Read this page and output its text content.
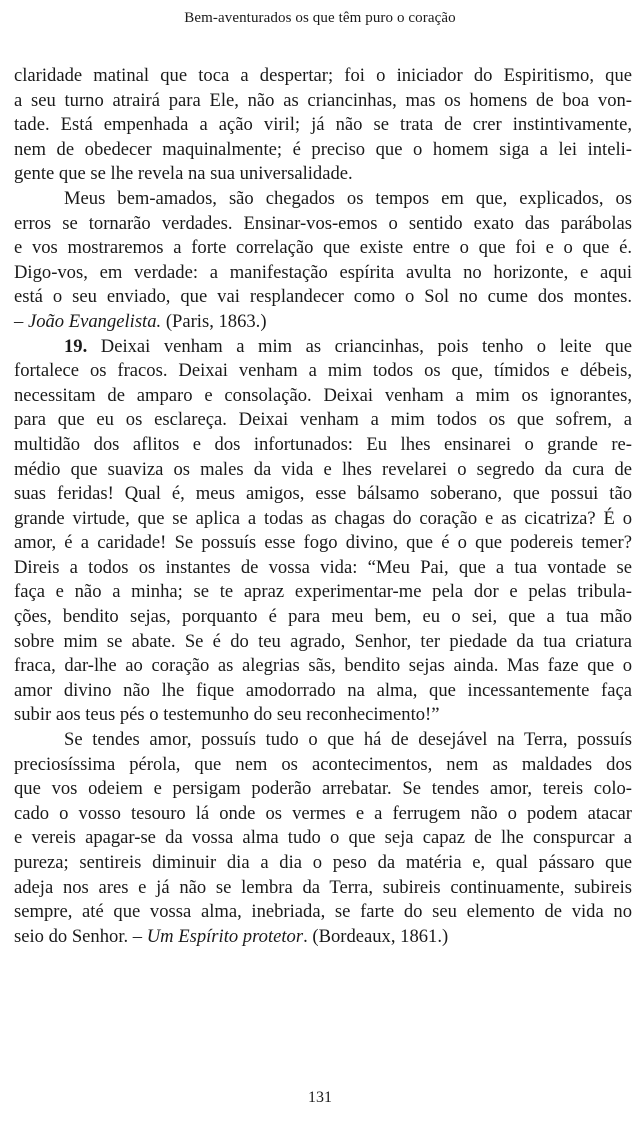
Bem-aventurados os que têm puro o coração
claridade matinal que toca a despertar; foi o iniciador do Espiritismo, que
a seu turno atrairá para Ele, não as criancinhas, mas os homens de boa von-
tade. Está empenhada a ação viril; já não se trata de crer instintivamente,
nem de obedecer maquinalmente; é preciso que o homem siga a lei inteli-
gente que se lhe revela na sua universalidade.
Meus bem-amados, são chegados os tempos em que, explicados, os
erros se tornarão verdades. Ensinar-vos-emos o sentido exato das parábolas
e vos mostraremos a forte correlação que existe entre o que foi e o que é.
Digo-vos, em verdade: a manifestação espírita avulta no horizonte, e aqui
está o seu enviado, que vai resplandecer como o Sol no cume dos montes.
– João Evangelista. (Paris, 1863.)
19. Deixai venham a mim as criancinhas, pois tenho o leite que
fortalece os fracos. Deixai venham a mim todos os que, tímidos e débeis,
necessitam de amparo e consolação. Deixai venham a mim os ignorantes,
para que eu os esclareça. Deixai venham a mim todos os que sofrem, a
multidão dos aflitos e dos infortunados: Eu lhes ensinarei o grande re-
médio que suaviza os males da vida e lhes revelarei o segredo da cura de
suas feridas! Qual é, meus amigos, esse bálsamo soberano, que possui tão
grande virtude, que se aplica a todas as chagas do coração e as cicatriza? É o
amor, é a caridade! Se possuís esse fogo divino, que é o que podereis temer?
Direis a todos os instantes de vossa vida: “Meu Pai, que a tua vontade se
faça e não a minha; se te apraz experimentar-me pela dor e pelas tribula-
ções, bendito sejas, porquanto é para meu bem, eu o sei, que a tua mão
sobre mim se abate. Se é do teu agrado, Senhor, ter piedade da tua criatura
fraca, dar-lhe ao coração as alegrias sãs, bendito sejas ainda. Mas faze que o
amor divino não lhe fique amodorrado na alma, que incessantemente faça
subir aos teus pés o testemunho do seu reconhecimento!”
Se tendes amor, possuís tudo o que há de desejável na Terra, possuís
preciosíssima pérola, que nem os acontecimentos, nem as maldades dos
que vos odeiem e persigam poderão arrebatar. Se tendes amor, tereis colo-
cado o vosso tesouro lá onde os vermes e a ferrugem não o podem atacar
e vereis apagar-se da vossa alma tudo o que seja capaz de lhe conspurcar a
pureza; sentireis diminuir dia a dia o peso da matéria e, qual pássaro que
adeja nos ares e já não se lembra da Terra, subireis continuamente, subireis
sempre, até que vossa alma, inebriada, se farte do seu elemento de vida no
seio do Senhor. – Um Espírito protetor. (Bordeaux, 1861.)
131
